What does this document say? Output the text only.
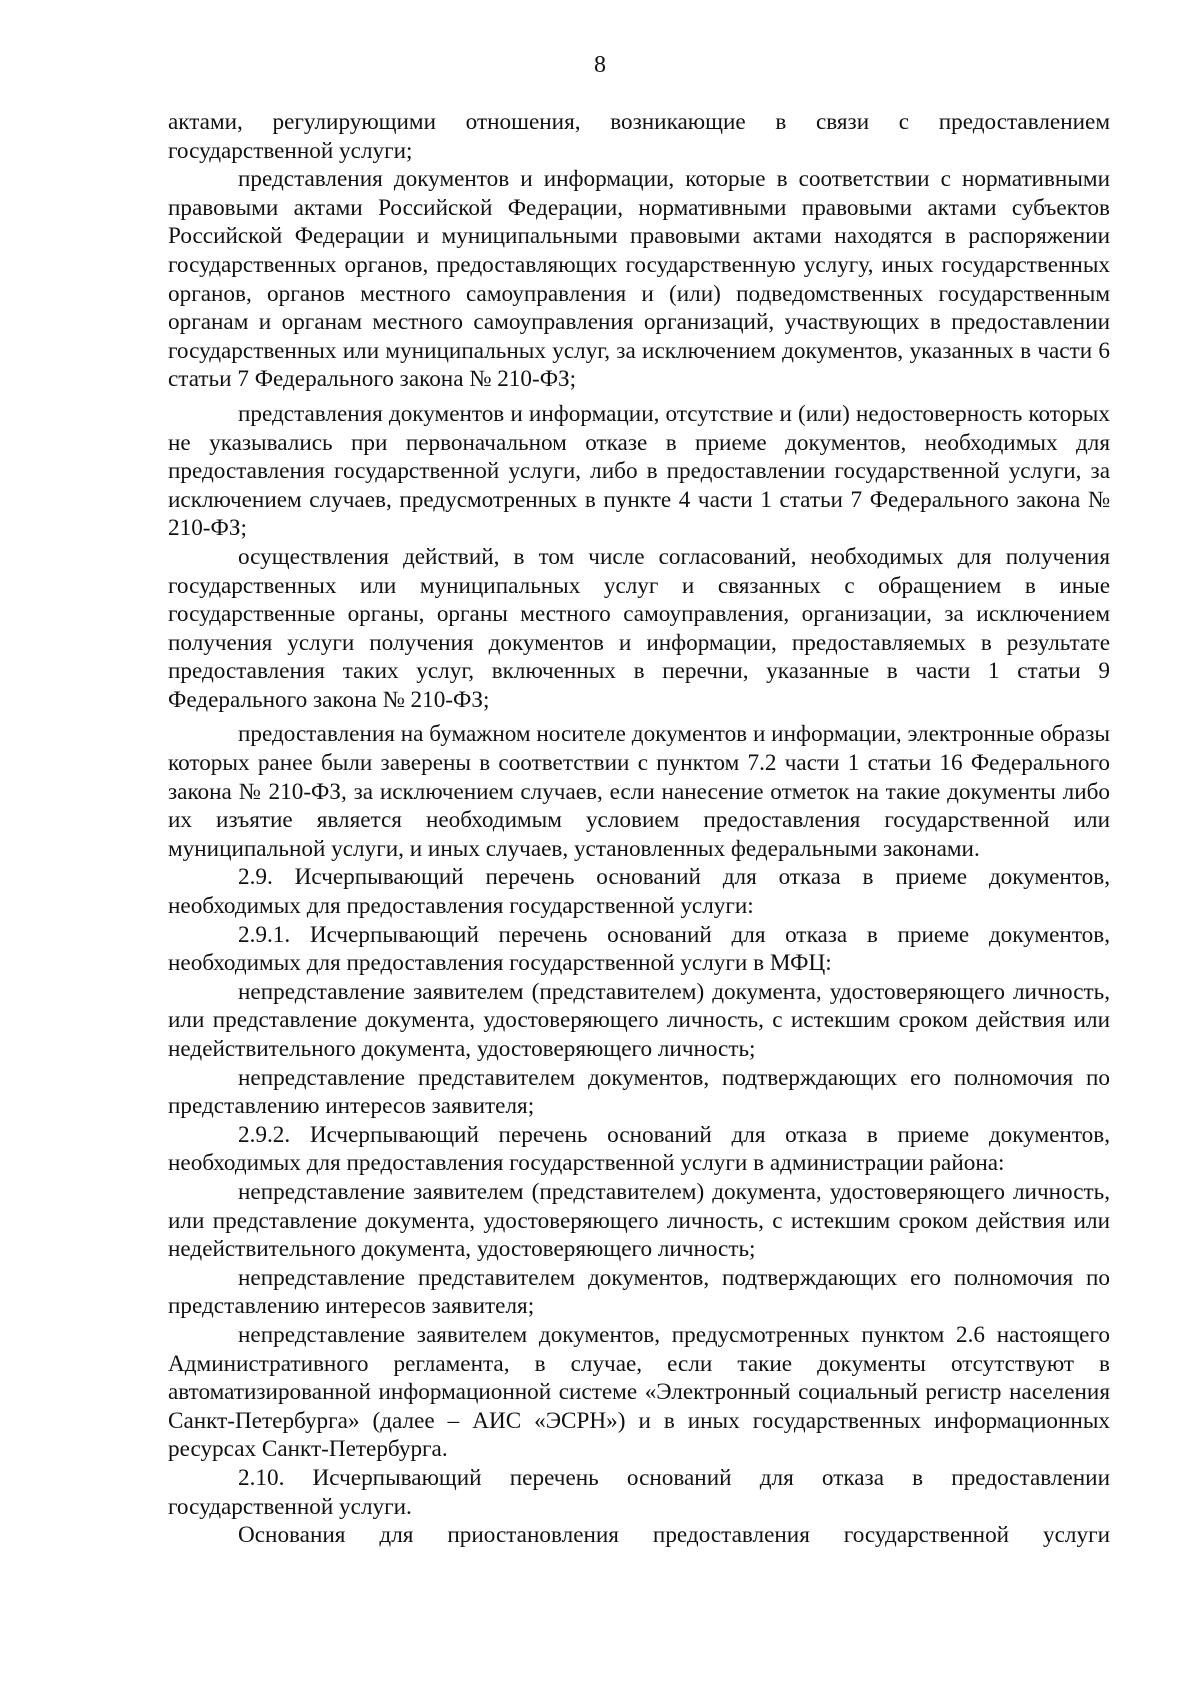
8

актами, регулирующими отношения, возникающие в связи с предоставлением государственной услуги;

представления документов и информации, которые в соответствии с нормативными правовыми актами Российской Федерации, нормативными правовыми актами субъектов Российской Федерации и муниципальными правовыми актами находятся в распоряжении государственных органов, предоставляющих государственную услугу, иных государственных органов, органов местного самоуправления и (или) подведомственных государственным органам и органам местного самоуправления организаций, участвующих в предоставлении государственных или муниципальных услуг, за исключением документов, указанных в части 6 статьи 7 Федерального закона № 210-ФЗ;

представления документов и информации, отсутствие и (или) недостоверность которых не указывались при первоначальном отказе в приеме документов, необходимых для предоставления государственной услуги, либо в предоставлении государственной услуги, за исключением случаев, предусмотренных в пункте 4 части 1 статьи 7 Федерального закона № 210-ФЗ;

осуществления действий, в том числе согласований, необходимых для получения государственных или муниципальных услуг и связанных с обращением в иные государственные органы, органы местного самоуправления, организации, за исключением получения услуги получения документов и информации, предоставляемых в результате предоставления таких услуг, включенных в перечни, указанные в части 1 статьи 9 Федерального закона № 210-ФЗ;

предоставления на бумажном носителе документов и информации, электронные образы которых ранее были заверены в соответствии с пунктом 7.2 части 1 статьи 16 Федерального закона № 210-ФЗ, за исключением случаев, если нанесение отметок на такие документы либо их изъятие является необходимым условием предоставления государственной или муниципальной услуги, и иных случаев, установленных федеральными законами.

2.9. Исчерпывающий перечень оснований для отказа в приеме документов, необходимых для предоставления государственной услуги:

2.9.1. Исчерпывающий перечень оснований для отказа в приеме документов, необходимых для предоставления государственной услуги в МФЦ:

непредставление заявителем (представителем) документа, удостоверяющего личность, или представление документа, удостоверяющего личность, с истекшим сроком действия или недействительного документа, удостоверяющего личность;

непредставление представителем документов, подтверждающих его полномочия по представлению интересов заявителя;

2.9.2. Исчерпывающий перечень оснований для отказа в приеме документов, необходимых для предоставления государственной услуги в администрации района:

непредставление заявителем (представителем) документа, удостоверяющего личность, или представление документа, удостоверяющего личность, с истекшим сроком действия или недействительного документа, удостоверяющего личность;

непредставление представителем документов, подтверждающих его полномочия по представлению интересов заявителя;

непредставление заявителем документов, предусмотренных пунктом 2.6 настоящего Административного регламента, в случае, если такие документы отсутствуют в автоматизированной информационной системе «Электронный социальный регистр населения Санкт-Петербурга» (далее – АИС «ЭСРН») и в иных государственных информационных ресурсах Санкт-Петербурга.

2.10. Исчерпывающий перечень оснований для отказа в предоставлении государственной услуги.

Основания для приостановления предоставления государственной услуги
